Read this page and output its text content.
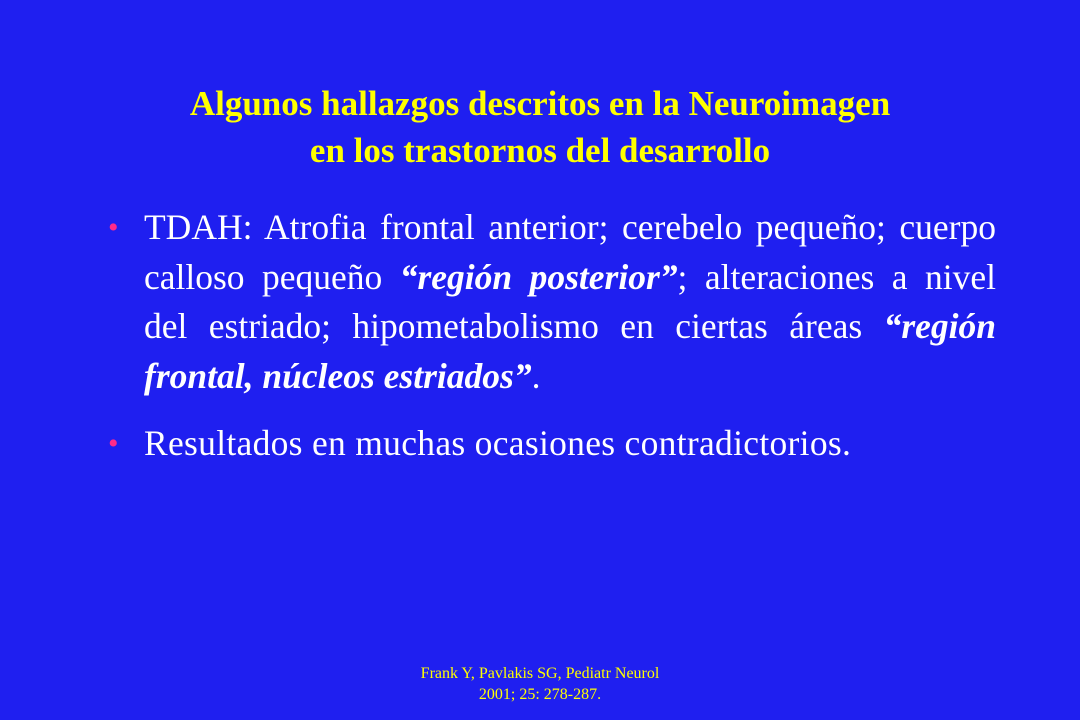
Algunos hallazgos descritos en la Neuroimagen
en los trastornos del desarrollo
• TDAH: Atrofia frontal anterior; cerebelo pequeño; cuerpo calloso pequeño “región posterior”; alteraciones a nivel del estriado; hipometabolismo en ciertas áreas “región frontal, núcleos estriados”.
• Resultados en muchas ocasiones contradictorios.
Frank Y, Pavlakis SG, Pediatr Neurol
2001; 25: 278-287.
